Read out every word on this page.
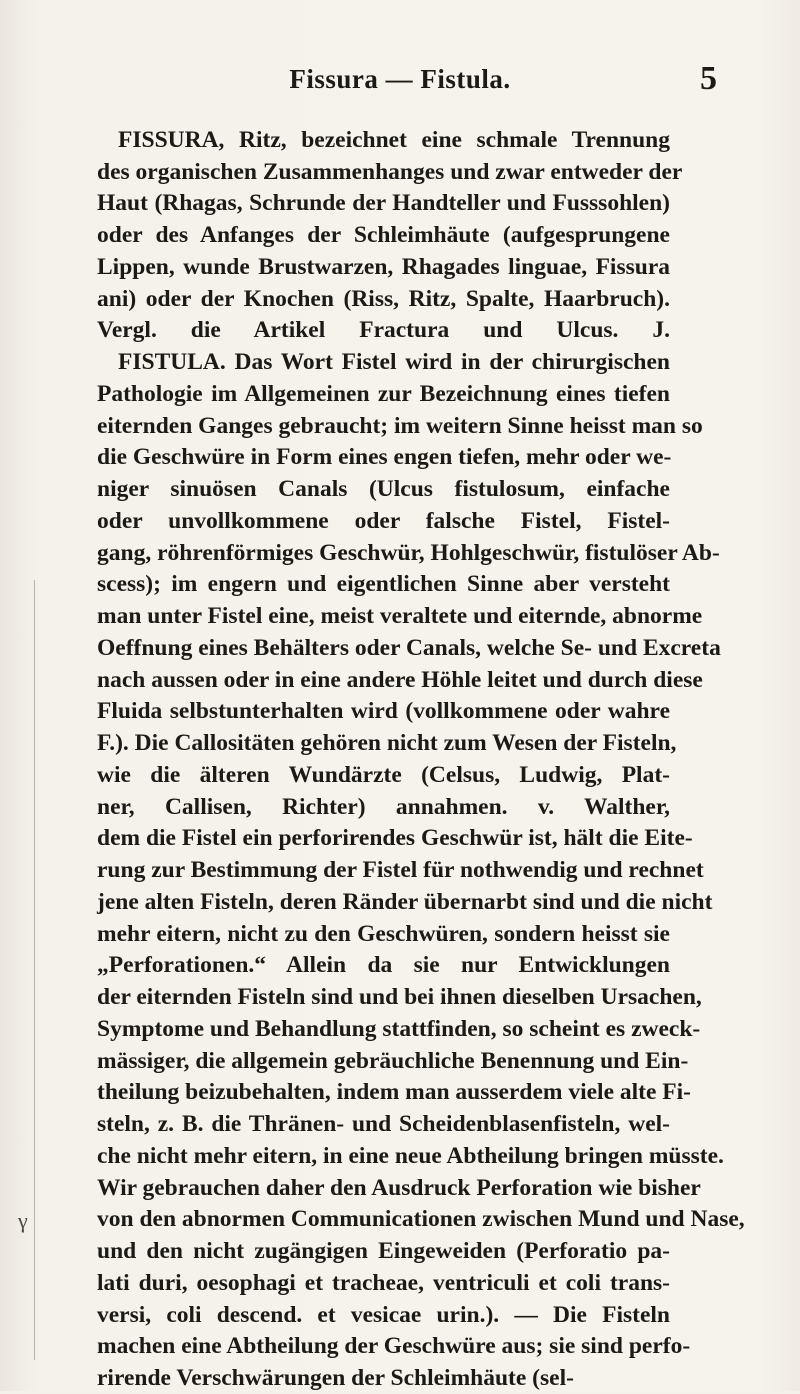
Fissura — Fistula.	5
FISSURA, Ritz, bezeichnet eine schmale Trennung
des organischen Zusammenhanges und zwar entweder der
Haut (Rhagas, Schrunde der Handteller und Fusssohlen)
oder des Anfanges der Schleimhäute (aufgesprungene
Lippen, wunde Brustwarzen, Rhagades linguae, Fissura
ani) oder der Knochen (Riss, Ritz, Spalte, Haarbruch).
Vergl. die Artikel Fractura und Ulcus. J.
FISTULA. Das Wort Fistel wird in der chirurgischen
Pathologie im Allgemeinen zur Bezeichnung eines tiefen
eiternden Ganges gebraucht; im weitern Sinne heisst man so
die Geschwüre in Form eines engen tiefen, mehr oder we-
niger sinuösen Canals (Ulcus fistulosum, einfache
oder unvollkommene oder falsche Fistel, Fistel-
gang, röhrenförmiges Geschwür, Hohlgeschwür, fistulöser Ab-
scess); im engern und eigentlichen Sinne aber versteht
man unter Fistel eine, meist veraltete und eiternde, abnorme
Oeffnung eines Behälters oder Canals, welche Se- und Excreta
nach aussen oder in eine andere Höhle leitet und durch diese
Fluida selbstunterhalten wird (vollkommene oder wahre
F.). Die Callositäten gehören nicht zum Wesen der Fisteln,
wie die älteren Wundärzte (Celsus, Ludwig, Plat-
ner, Callisen, Richter) annahmen. v. Walther,
dem die Fistel ein perforirendes Geschwür ist, hält die Eite-
rung zur Bestimmung der Fistel für nothwendig und rechnet
jene alten Fisteln, deren Ränder übernarbt sind und die nicht
mehr eitern, nicht zu den Geschwüren, sondern heisst sie
„Perforationen.“ Allein da sie nur Entwicklungen
der eiternden Fisteln sind und bei ihnen dieselben Ursachen,
Symptome und Behandlung stattfinden, so scheint es zweck-
mässiger, die allgemein gebräuchliche Benennung und Ein-
theilung beizubehalten, indem man ausserdem viele alte Fi-
steln, z. B. die Thränen- und Scheidenblasenfisteln, wel-
che nicht mehr eitern, in eine neue Abtheilung bringen müsste.
Wir gebrauchen daher den Ausdruck Perforation wie bisher
von den abnormen Communicationen zwischen Mund und Nase,
und den nicht zugängigen Eingeweiden (Perforatio pa-
lati duri, oesophagi et tracheae, ventriculi et coli trans-
versi, coli descend. et vesicae urin.). — Die Fisteln
machen eine Abtheilung der Geschwüre aus; sie sind perfo-
rirende Verschwärungen der Schleimhäute (sel-
γ
